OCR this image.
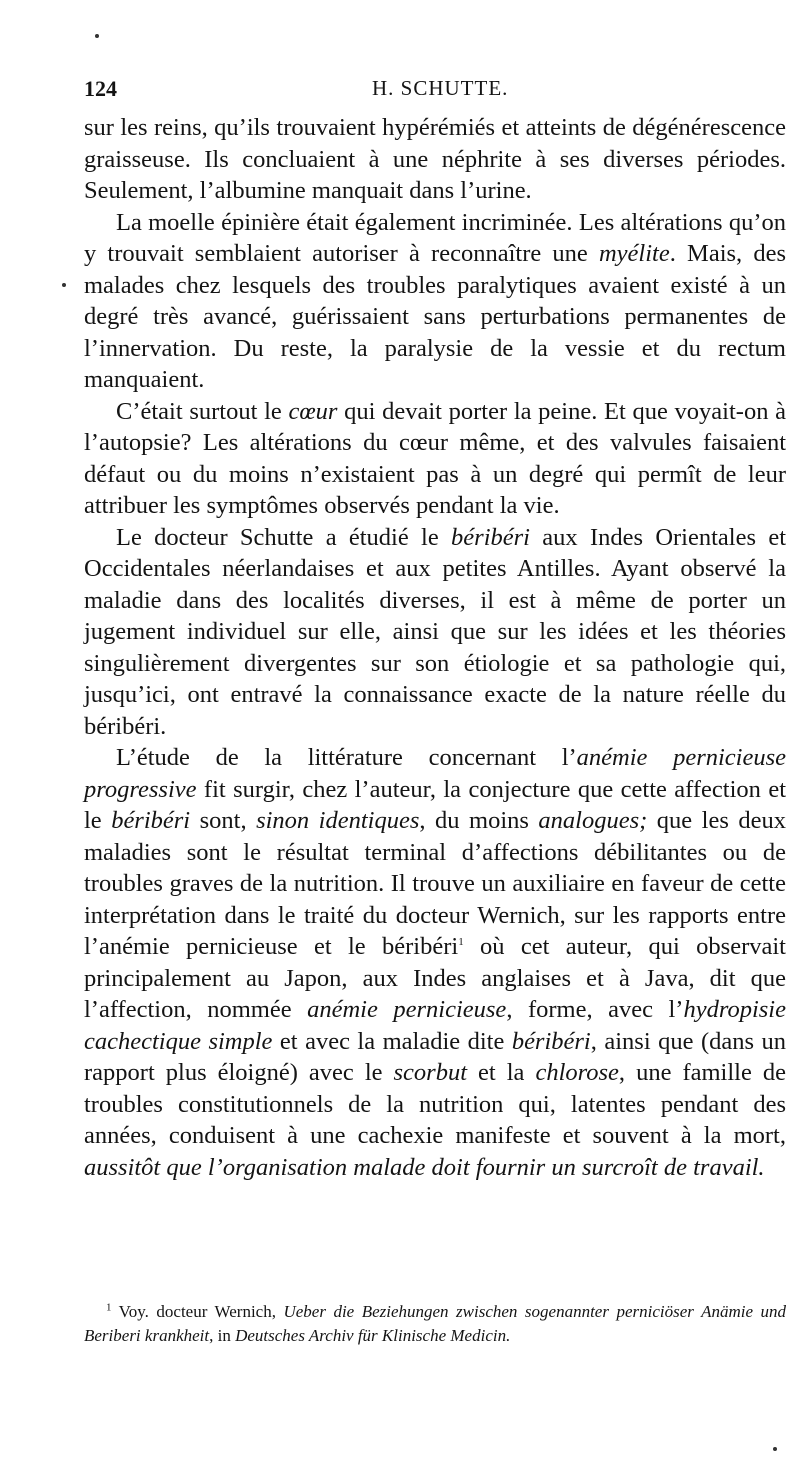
124	H. SCHUTTE.

sur les reins, qu’ils trouvaient hypérémiés et atteints de dégénérescence graisseuse. Ils concluaient à une néphrite à ses diverses périodes. Seulement, l’albumine manquait dans l’urine.

La moelle épinière était également incriminée. Les altérations qu’on y trouvait semblaient autoriser à reconnaître une myélite. Mais, des malades chez lesquels des troubles paralytiques avaient existé à un degré très avancé, guérissaient sans perturbations permanentes de l’innervation. Du reste, la paralysie de la vessie et du rectum manquaient.

C’était surtout le cœur qui devait porter la peine. Et que voyait-on à l’autopsie? Les altérations du cœur même, et des valvules faisaient défaut ou du moins n’existaient pas à un degré qui permît de leur attribuer les symptômes observés pendant la vie.

Le docteur Schutte a étudié le béribéri aux Indes Orientales et Occidentales néerlandaises et aux petites Antilles. Ayant observé la maladie dans des localités diverses, il est à même de porter un jugement individuel sur elle, ainsi que sur les idées et les théories singulièrement divergentes sur son étiologie et sa pathologie qui, jusqu’ici, ont entravé la connaissance exacte de la nature réelle du béribéri.

L’étude de la littérature concernant l’anémie pernicieuse progressive fit surgir, chez l’auteur, la conjecture que cette affection et le béribéri sont, sinon identiques, du moins analogues; que les deux maladies sont le résultat terminal d’affections débilitantes ou de troubles graves de la nutrition. Il trouve un auxiliaire en faveur de cette interprétation dans le traité du docteur Wernich, sur les rapports entre l’anémie pernicieuse et le béribéri$^1$ où cet auteur, qui observait principalement au Japon, aux Indes anglaises et à Java, dit que l’affection, nommée anémie pernicieuse, forme, avec l’hydropisie cachectique simple et avec la maladie dite béribéri, ainsi que (dans un rapport plus éloigné) avec le scorbut et la chlorose, une famille de troubles constitutionnels de la nutrition qui, latentes pendant des années, conduisent à une cachexie manifeste et souvent à la mort, aussitôt que l’organisation malade doit fournir un surcroît de travail.

$^1$ Voy. docteur Wernich, Ueber die Beziehungen zwischen sogenannter perniciöser Anämie und Beriberi krankheit, in Deutsches Archiv für Klinische Medicin.
